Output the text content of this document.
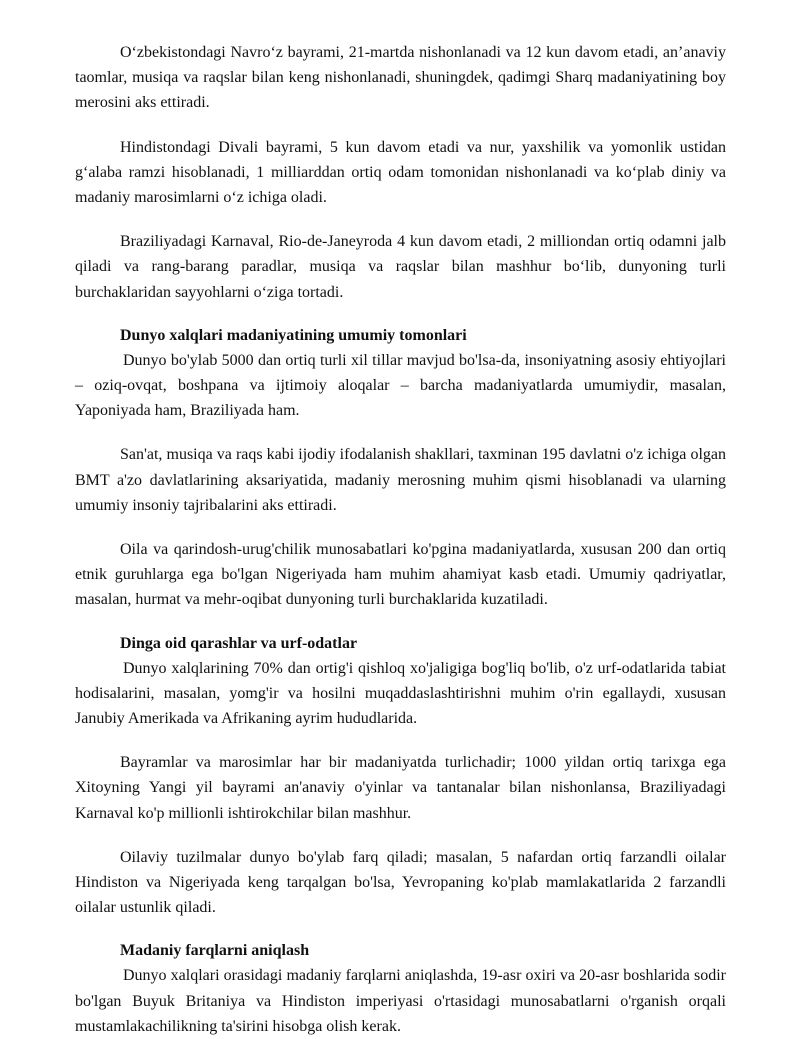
O‘zbekistondagi Navro‘z bayrami, 21-martda nishonlanadi va 12 kun davom etadi, an’anaviy taomlar, musiqa va raqslar bilan keng nishonlanadi, shuningdek, qadimgi Sharq madaniyatining boy merosini aks ettiradi.

Hindistondagi Divali bayrami, 5 kun davom etadi va nur, yaxshilik va yomonlik ustidan g‘alaba ramzi hisoblanadi, 1 milliarddan ortiq odam tomonidan nishonlanadi va ko‘plab diniy va madaniy marosimlarni o‘z ichiga oladi.

Braziliyadagi Karnaval, Rio-de-Janeyroda 4 kun davom etadi, 2 milliondan ortiq odamni jalb qiladi va rang-barang paradlar, musiqa va raqslar bilan mashhur bo‘lib, dunyoning turli burchaklaridan sayyohlarni o‘ziga tortadi.

Dunyo xalqlari madaniyatining umumiy tomonlari

Dunyo bo'ylab 5000 dan ortiq turli xil tillar mavjud bo'lsa-da, insoniyatning asosiy ehtiyojlari – oziq-ovqat, boshpana va ijtimoiy aloqalar – barcha madaniyatlarda umumiydir, masalan, Yaponiyada ham, Braziliyada ham.

San'at, musiqa va raqs kabi ijodiy ifodalanish shakllari, taxminan 195 davlatni o'z ichiga olgan BMT a'zo davlatlarining aksariyatida, madaniy merosning muhim qismi hisoblanadi va ularning umumiy insoniy tajribalarini aks ettiradi.

Oila va qarindosh-urug'chilik munosabatlari ko'pgina madaniyatlarda, xususan 200 dan ortiq etnik guruhlarga ega bo'lgan Nigeriyada ham muhim ahamiyat kasb etadi. Umumiy qadriyatlar, masalan, hurmat va mehr-oqibat dunyoning turli burchaklarida kuzatiladi.

Dinga oid qarashlar va urf-odatlar

Dunyo xalqlarining 70% dan ortig'i qishloq xo'jaligiga bog'liq bo'lib, o'z urf-odatlarida tabiat hodisalarini, masalan, yomg'ir va hosilni muqaddaslashtirishni muhim o'rin egallaydi, xususan Janubiy Amerikada va Afrikaning ayrim hududlarida.

Bayramlar va marosimlar har bir madaniyatda turlichadir; 1000 yildan ortiq tarixga ega Xitoyning Yangi yil bayrami an'anaviy o'yinlar va tantanalar bilan nishonlansa, Braziliyadagi Karnaval ko'p millionli ishtirokchilar bilan mashhur.

Oilaviy tuzilmalar dunyo bo'ylab farq qiladi; masalan, 5 nafardan ortiq farzandli oilalar Hindiston va Nigeriyada keng tarqalgan bo'lsa, Yevropaning ko'plab mamlakatlarida 2 farzandli oilalar ustunlik qiladi.

Madaniy farqlarni aniqlash

Dunyo xalqlari orasidagi madaniy farqlarni aniqlashda, 19-asr oxiri va 20-asr boshlarida sodir bo'lgan Buyuk Britaniya va Hindiston imperiyasi o'rtasidagi munosabatlarni o'rganish orqali mustamlakachilikning ta'sirini hisobga olish kerak.
